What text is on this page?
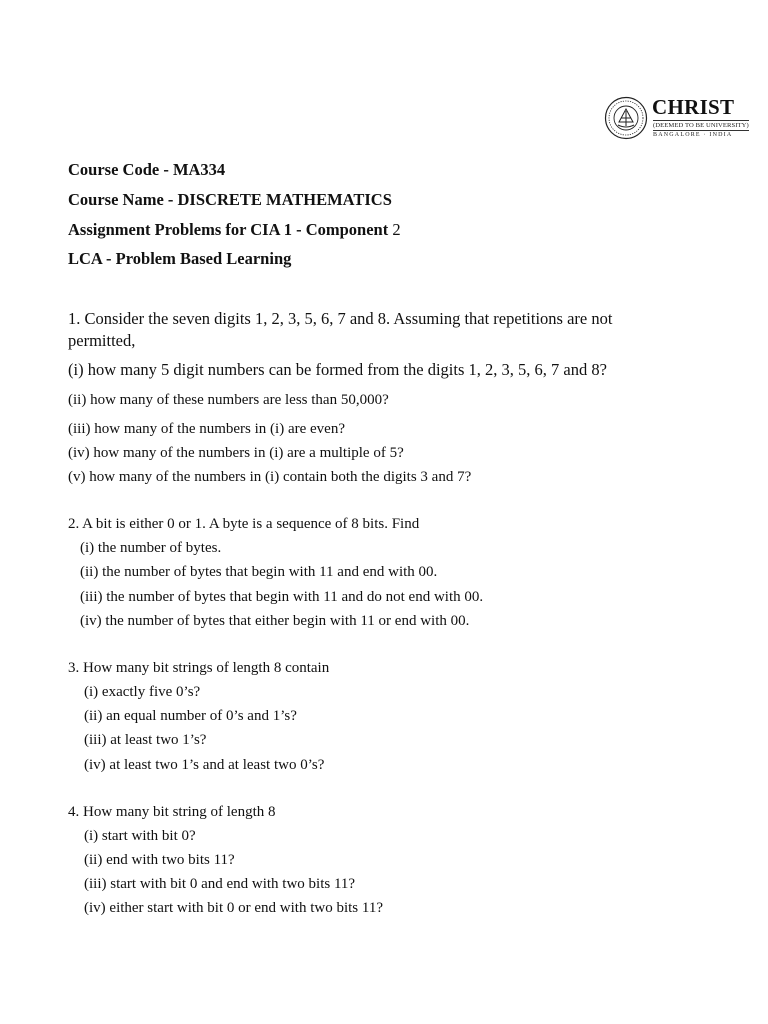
CHRIST
(DEEMED TO BE UNIVERSITY)
BANGALORE · INDIA
Course Code - MA334
Course Name - DISCRETE MATHEMATICS
Assignment Problems for CIA 1 - Component 2
LCA - Problem Based Learning
1. Consider the seven digits 1, 2, 3, 5, 6, 7 and 8. Assuming that repetitions are not
permitted,
(i) how many 5 digit numbers can be formed from the digits 1, 2, 3, 5, 6, 7 and 8?
(ii) how many of these numbers are less than 50,000?
(iii) how many of the numbers in (i) are even?
(iv) how many of the numbers in (i) are a multiple of 5?
(v) how many of the numbers in (i) contain both the digits 3 and 7?
2. A bit is either 0 or 1. A byte is a sequence of 8 bits. Find
(i) the number of bytes.
(ii) the number of bytes that begin with 11 and end with 00.
(iii) the number of bytes that begin with 11 and do not end with 00.
(iv) the number of bytes that either begin with 11 or end with 00.
3. How many bit strings of length 8 contain
(i) exactly five 0’s?
(ii) an equal number of 0’s and 1’s?
(iii) at least two 1’s?
(iv) at least two 1’s and at least two 0’s?
4. How many bit string of length 8
(i) start with bit 0?
(ii) end with two bits 11?
(iii) start with bit 0 and end with two bits 11?
(iv) either start with bit 0 or end with two bits 11?
